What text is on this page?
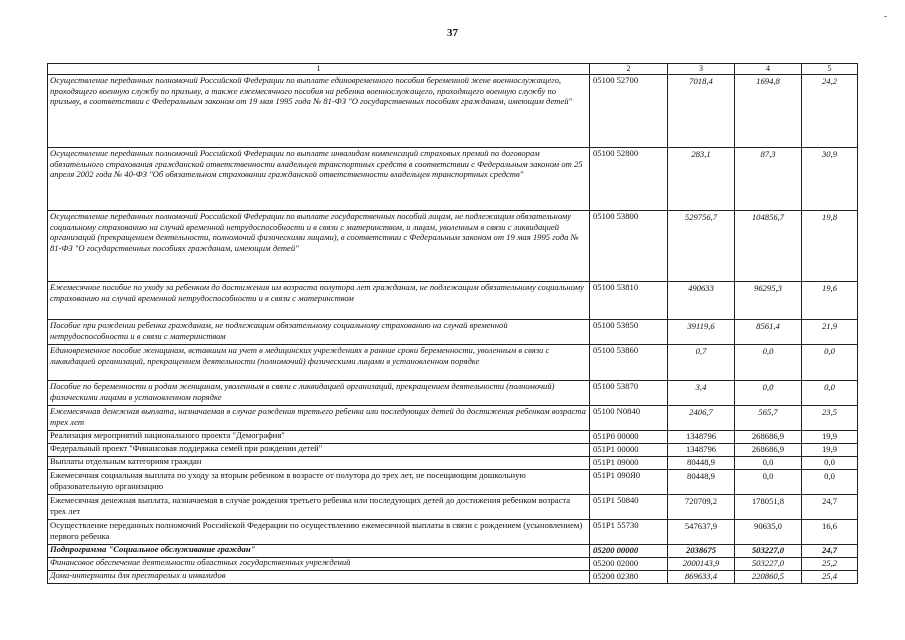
37
1	2	3	4	5
Осуществление переданных полномочий Российской Федерации по выплате единовременного пособия беременной жене военнослужащего, проходящего военную службу по призыву, а также ежемесячного пособия на ребенка военнослужащего, проходящего военную службу по призыву, в соответствии с Федеральным законом от 19 мая 1995 года № 81-ФЗ "О государственных пособиях гражданам, имеющим детей"	05100 52700	7018,4	1694,8	24,2
Осуществление переданных полномочий Российской Федерации по выплате инвалидам компенсаций страховых премий по договорам обязательного страхования гражданской ответственности владельцев транспортных средств в соответствии с Федеральным законом от 25 апреля 2002 года № 40-ФЗ "Об обязательном страховании гражданской ответственности владельцев транспортных средств"	05100 52800	283,1	87,3	30,9
Осуществление переданных полномочий Российской Федерации по выплате государственных пособий лицам, не подлежащим обязательному социальному страхованию на случай временной нетрудоспособности и в связи с материнством, и лицам, уволенным в связи с ликвидацией организаций (прекращением деятельности, полномочий физическими лицами), в соответствии с Федеральным законом от 19 мая 1995 года № 81-ФЗ "О государственных пособиях гражданам, имеющим детей"	05100 53800	529756,7	104856,7	19,8
Ежемесячное пособие по уходу за ребенком до достижения им возраста полутора лет гражданам, не подлежащим обязательному социальному страхованию на случай временной нетрудоспособности и в связи с материнством	05100 53810	490633	96295,3	19,6
Пособие при рождении ребенка гражданам, не подлежащим обязательному социальному страхованию на случай временной нетрудоспособности и в связи с материнством	05100 53850	39119,6	8561,4	21,9
Единовременное пособие женщинам, вставшим на учет в медицинских учреждениях в ранние сроки беременности, уволенным в связи с ликвидацией организаций, прекращением деятельности (полномочий) физическими лицами в установленном порядке	05100 53860	0,7	0,0	0,0
Пособие по беременности и родам женщинам, уволенным в связи с ликвидацией организаций, прекращением деятельности (полномочий) физическими лицами в установленном порядке	05100 53870	3,4	0,0	0,0
Ежемесячная денежная выплата, назначаемая в случае рождения третьего ребенка или последующих детей до достижения ребенком возраста трех лет	05100 N0840	2406,7	565,7	23,5
Реализация мероприятий национального проекта "Демография"	051P0 00000	1348796	268686,9	19,9
Федеральный проект "Финансовая поддержка семей при рождении детей"	051P1 00000	1348796	268686,9	19,9
Выплаты отдельным категориям граждан	051P1 09000	80448,9	0,0	0,0
Ежемесячная социальная выплата по уходу за вторым ребенком в возрасте от полутора до трех лет, не посещающим дошкольную образовательную организацию	051P1 090Я0	80448,9	0,0	0,0
Ежемесячная денежная выплата, назначаемая в случае рождения третьего ребенка или последующих детей до достижения ребенком возраста трех лет	051P1 50840	720709,2	178051,8	24,7
Осуществление переданных полномочий Российской Федерации по осуществлению ежемесячной выплаты в связи с рождением (усыновлением) первого ребенка	051P1 55730	547637,9	90635,0	16,6
Подпрограмма "Социальное обслуживание граждан"	05200 00000	2038675	503227,0	24,7
Финансовое обеспечение деятельности областных государственных учреждений	05200 02000	2000143,9	503227,0	25,2
Дома-интернаты для престарелых и инвалидов	05200 02380	869633,4	220860,5	25,4
